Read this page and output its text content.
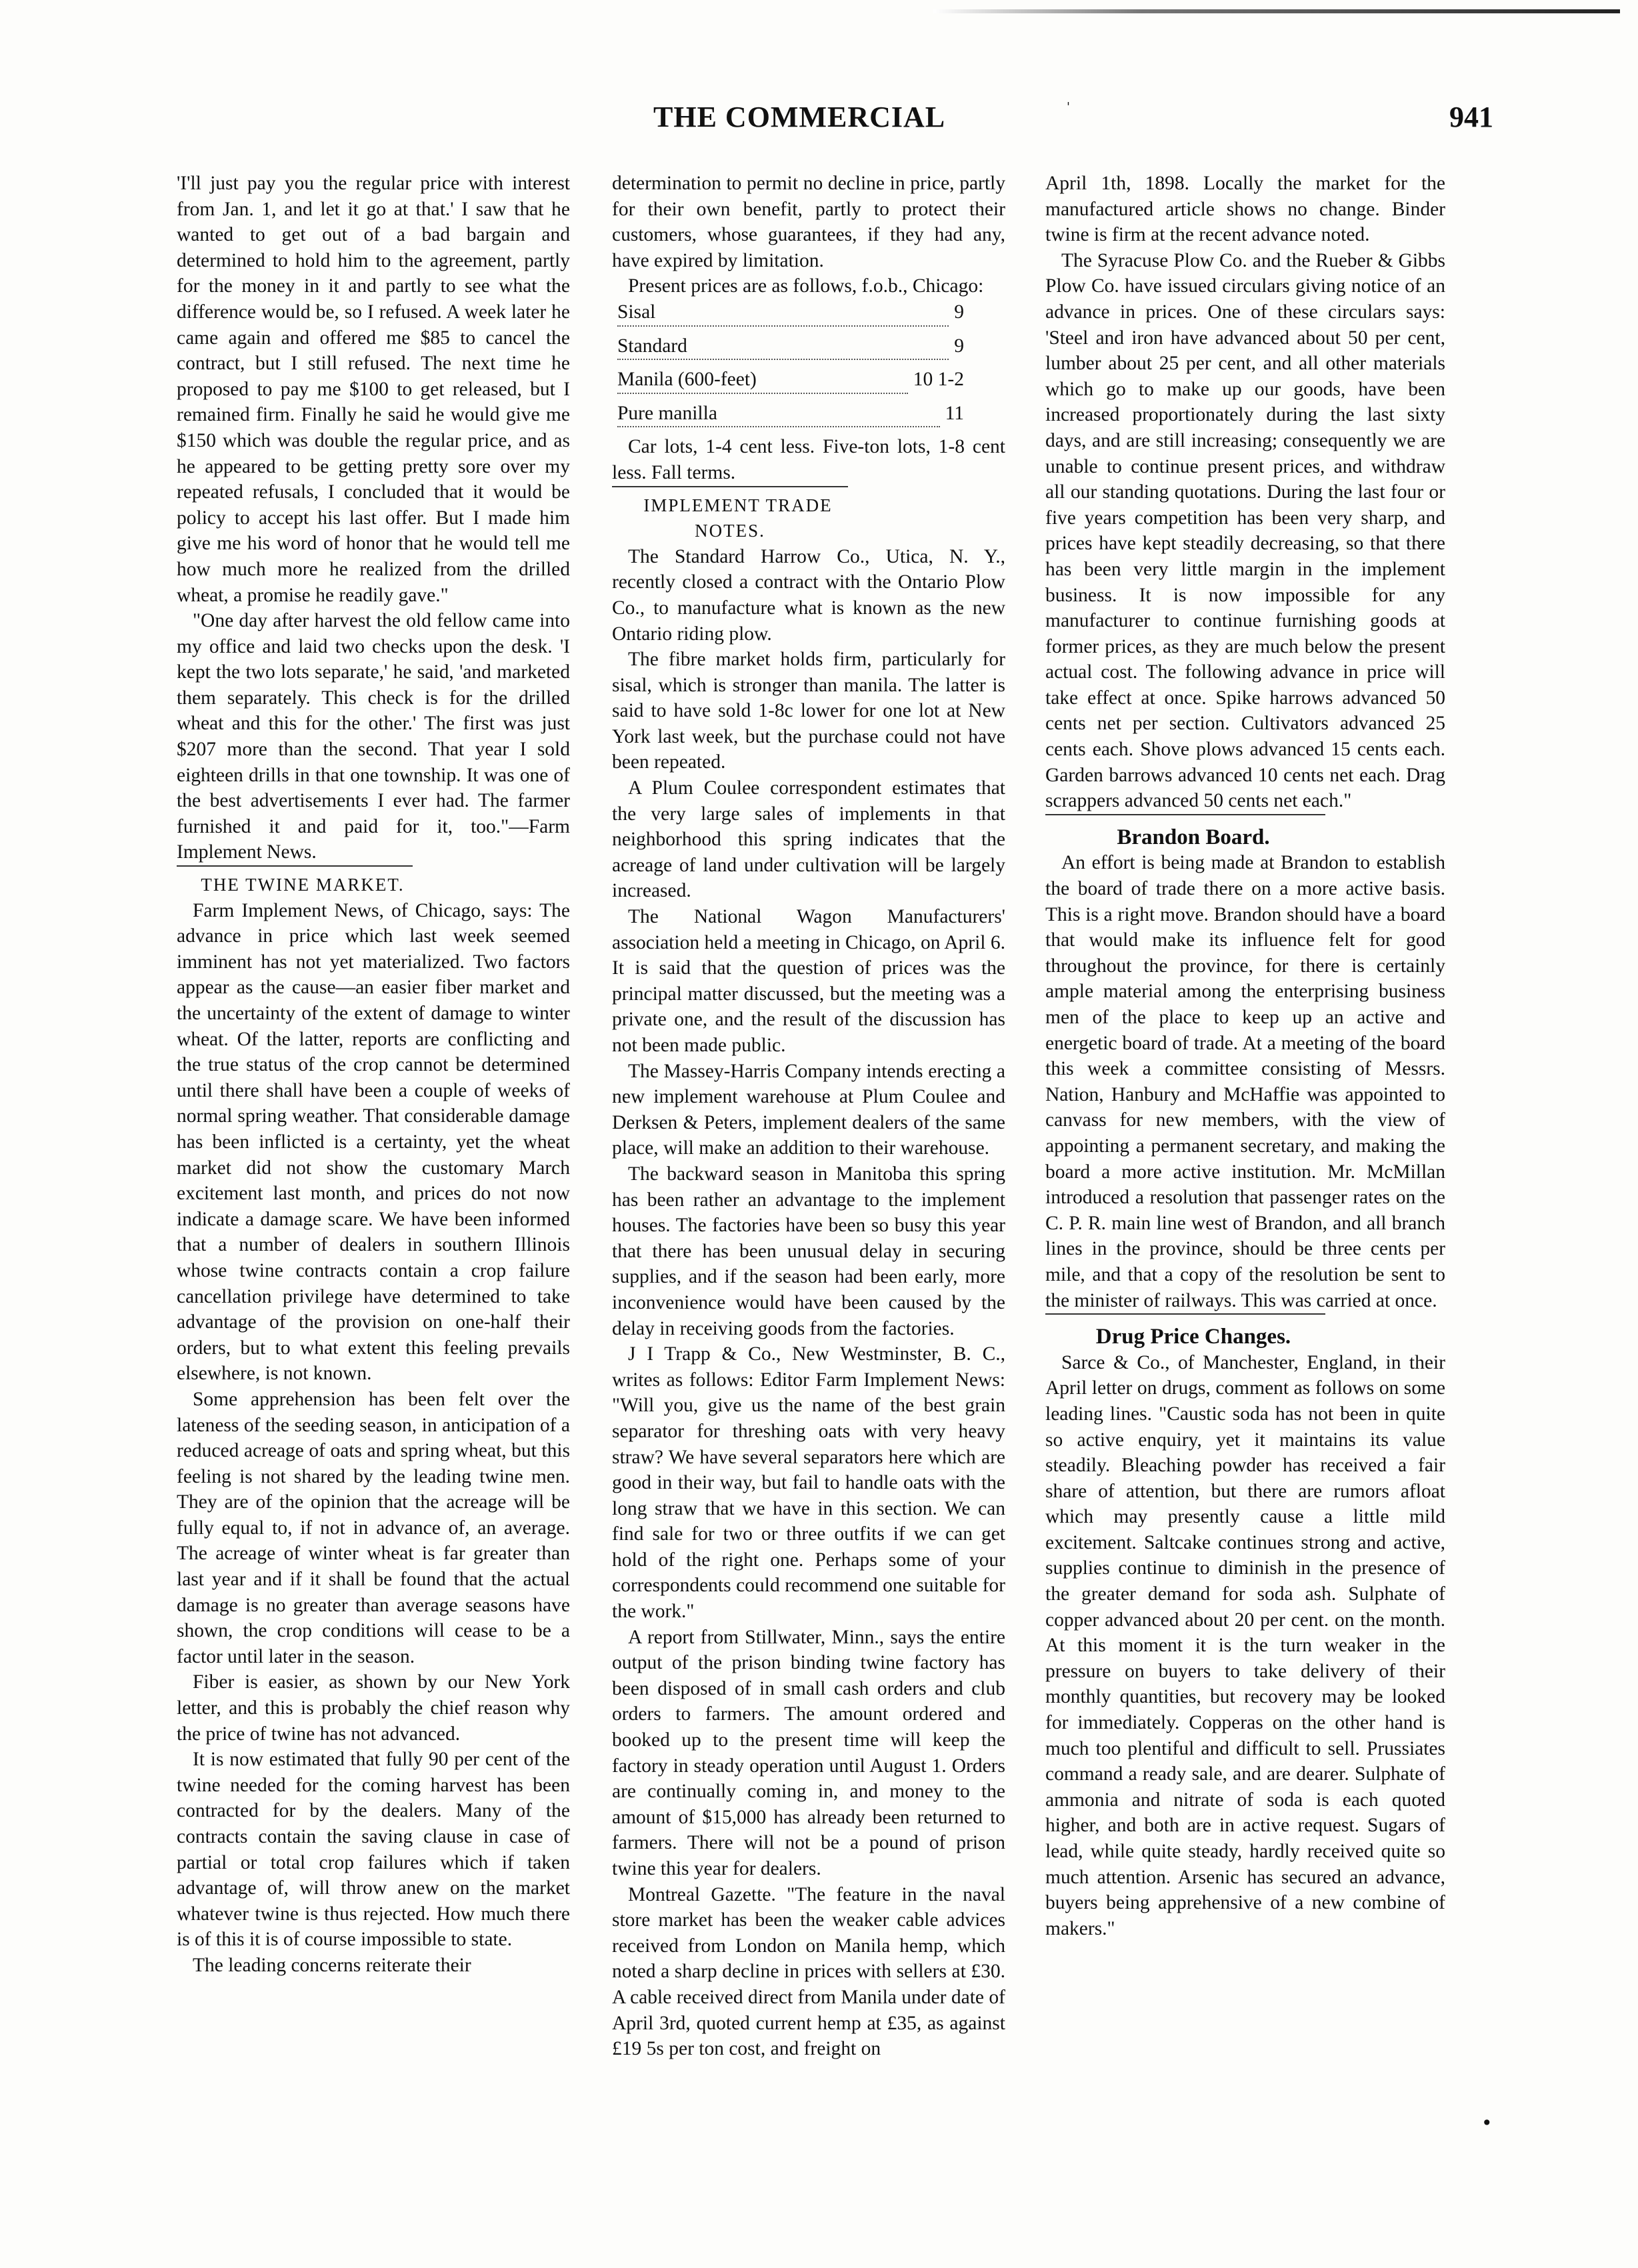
THE COMMERCIAL	941

'I'll just pay you the regular price with interest from Jan. 1, and let it go at that.' I saw that he wanted to get out of a bad bargain and determined to hold him to the agreement, partly for the money in it and partly to see what the difference would be, so I refused. A week later he came again and offered me $85 to cancel the contract, but I still refused. The next time he proposed to pay me $100 to get released, but I remained firm. Finally he said he would give me $150 which was double the regular price, and as he appeared to be getting pretty sore over my repeated refusals, I concluded that it would be policy to accept his last offer. But I made him give me his word of honor that he would tell me how much more he realized from the drilled wheat, a promise he readily gave."

"One day after harvest the old fellow came into my office and laid two checks upon the desk. 'I kept the two lots separate,' he said, 'and marketed them separately. This check is for the drilled wheat and this for the other.' The first was just $207 more than the second. That year I sold eighteen drills in that one township. It was one of the best advertisements I ever had. The farmer furnished it and paid for it, too."—Farm Implement News.

THE TWINE MARKET.

Farm Implement News, of Chicago, says: The advance in price which last week seemed imminent has not yet materialized. Two factors appear as the cause—an easier fiber market and the uncertainty of the extent of damage to winter wheat. Of the latter, reports are conflicting and the true status of the crop cannot be determined until there shall have been a couple of weeks of normal spring weather. That considerable damage has been inflicted is a certainty, yet the wheat market did not show the customary March excitement last month, and prices do not now indicate a damage scare. We have been informed that a number of dealers in southern Illinois whose twine contracts contain a crop failure cancellation privilege have determined to take advantage of the provision on one-half their orders, but to what extent this feeling prevails elsewhere, is not known.

Some apprehension has been felt over the lateness of the seeding season, in anticipation of a reduced acreage of oats and spring wheat, but this feeling is not shared by the leading twine men. They are of the opinion that the acreage will be fully equal to, if not in advance of, an average. The acreage of winter wheat is far greater than last year and if it shall be found that the actual damage is no greater than average seasons have shown, the crop conditions will cease to be a factor until later in the season.

Fiber is easier, as shown by our New York letter, and this is probably the chief reason why the price of twine has not advanced.

It is now estimated that fully 90 per cent of the twine needed for the coming harvest has been contracted for by the dealers. Many of the contracts contain the saving clause in case of partial or total crop failures which if taken advantage of, will throw anew on the market whatever twine is thus rejected. How much there is of this it is of course impossible to state.

The leading concerns reiterate their

determination to permit no decline in price, partly for their own benefit, partly to protect their customers, whose guarantees, if they had any, have expired by limitation.

Present prices are as follows, f.o.b., Chicago:

Sisal	9
Standard	9
Manila (600-feet)	10 1-2
Pure manilla	11

Car lots, 1-4 cent less. Five-ton lots, 1-8 cent less. Fall terms.

IMPLEMENT TRADE NOTES.

The Standard Harrow Co., Utica, N. Y., recently closed a contract with the Ontario Plow Co., to manufacture what is known as the new Ontario riding plow.

The fibre market holds firm, particularly for sisal, which is stronger than manila. The latter is said to have sold 1-8c lower for one lot at New York last week, but the purchase could not have been repeated.

A Plum Coulee correspondent estimates that the very large sales of implements in that neighborhood this spring indicates that the acreage of land under cultivation will be largely increased.

The National Wagon Manufacturers' association held a meeting in Chicago, on April 6. It is said that the question of prices was the principal matter discussed, but the meeting was a private one, and the result of the discussion has not been made public.

The Massey-Harris Company intends erecting a new implement warehouse at Plum Coulee and Derksen & Peters, implement dealers of the same place, will make an addition to their warehouse.

The backward season in Manitoba this spring has been rather an advantage to the implement houses. The factories have been so busy this year that there has been unusual delay in securing supplies, and if the season had been early, more inconvenience would have been caused by the delay in receiving goods from the factories.

J I Trapp & Co., New Westminster, B. C., writes as follows: Editor Farm Implement News: "Will you, give us the name of the best grain separator for threshing oats with very heavy straw? We have several separators here which are good in their way, but fail to handle oats with the long straw that we have in this section. We can find sale for two or three outfits if we can get hold of the right one. Perhaps some of your correspondents could recommend one suitable for the work."

A report from Stillwater, Minn., says the entire output of the prison binding twine factory has been disposed of in small cash orders and club orders to farmers. The amount ordered and booked up to the present time will keep the factory in steady operation until August 1. Orders are continually coming in, and money to the amount of $15,000 has already been returned to farmers. There will not be a pound of prison twine this year for dealers.

Montreal Gazette. "The feature in the naval store market has been the weaker cable advices received from London on Manila hemp, which noted a sharp decline in prices with sellers at £30. A cable received direct from Manila under date of April 3rd, quoted current hemp at £35, as against £19 5s per ton cost, and freight on

April 1th, 1898. Locally the market for the manufactured article shows no change. Binder twine is firm at the recent advance noted.

The Syracuse Plow Co. and the Rueber & Gibbs Plow Co. have issued circulars giving notice of an advance in prices. One of these circulars says: 'Steel and iron have advanced about 50 per cent, lumber about 25 per cent, and all other materials which go to make up our goods, have been increased proportionately during the last sixty days, and are still increasing; consequently we are unable to continue present prices, and withdraw all our standing quotations. During the last four or five years competition has been very sharp, and prices have kept steadily decreasing, so that there has been very little margin in the implement business. It is now impossible for any manufacturer to continue furnishing goods at former prices, as they are much below the present actual cost. The following advance in price will take effect at once. Spike harrows advanced 50 cents net per section. Cultivators advanced 25 cents each. Shove plows advanced 15 cents each. Garden barrows advanced 10 cents net each. Drag scrappers advanced 50 cents net each."

Brandon Board.

An effort is being made at Brandon to establish the board of trade there on a more active basis. This is a right move. Brandon should have a board that would make its influence felt for good throughout the province, for there is certainly ample material among the enterprising business men of the place to keep up an active and energetic board of trade. At a meeting of the board this week a committee consisting of Messrs. Nation, Hanbury and McHaffie was appointed to canvass for new members, with the view of appointing a permanent secretary, and making the board a more active institution. Mr. McMillan introduced a resolution that passenger rates on the C. P. R. main line west of Brandon, and all branch lines in the province, should be three cents per mile, and that a copy of the resolution be sent to the minister of railways. This was carried at once.

Drug Price Changes.

Sarce & Co., of Manchester, England, in their April letter on drugs, comment as follows on some leading lines. "Caustic soda has not been in quite so active enquiry, yet it maintains its value steadily. Bleaching powder has received a fair share of attention, but there are rumors afloat which may presently cause a little mild excitement. Saltcake continues strong and active, supplies continue to diminish in the presence of the greater demand for soda ash. Sulphate of copper advanced about 20 per cent. on the month. At this moment it is the turn weaker in the pressure on buyers to take delivery of their monthly quantities, but recovery may be looked for immediately. Copperas on the other hand is much too plentiful and difficult to sell. Prussiates command a ready sale, and are dearer. Sulphate of ammonia and nitrate of soda is each quoted higher, and both are in active request. Sugars of lead, while quite steady, hardly received quite so much attention. Arsenic has secured an advance, buyers being apprehensive of a new combine of makers."

•
'
